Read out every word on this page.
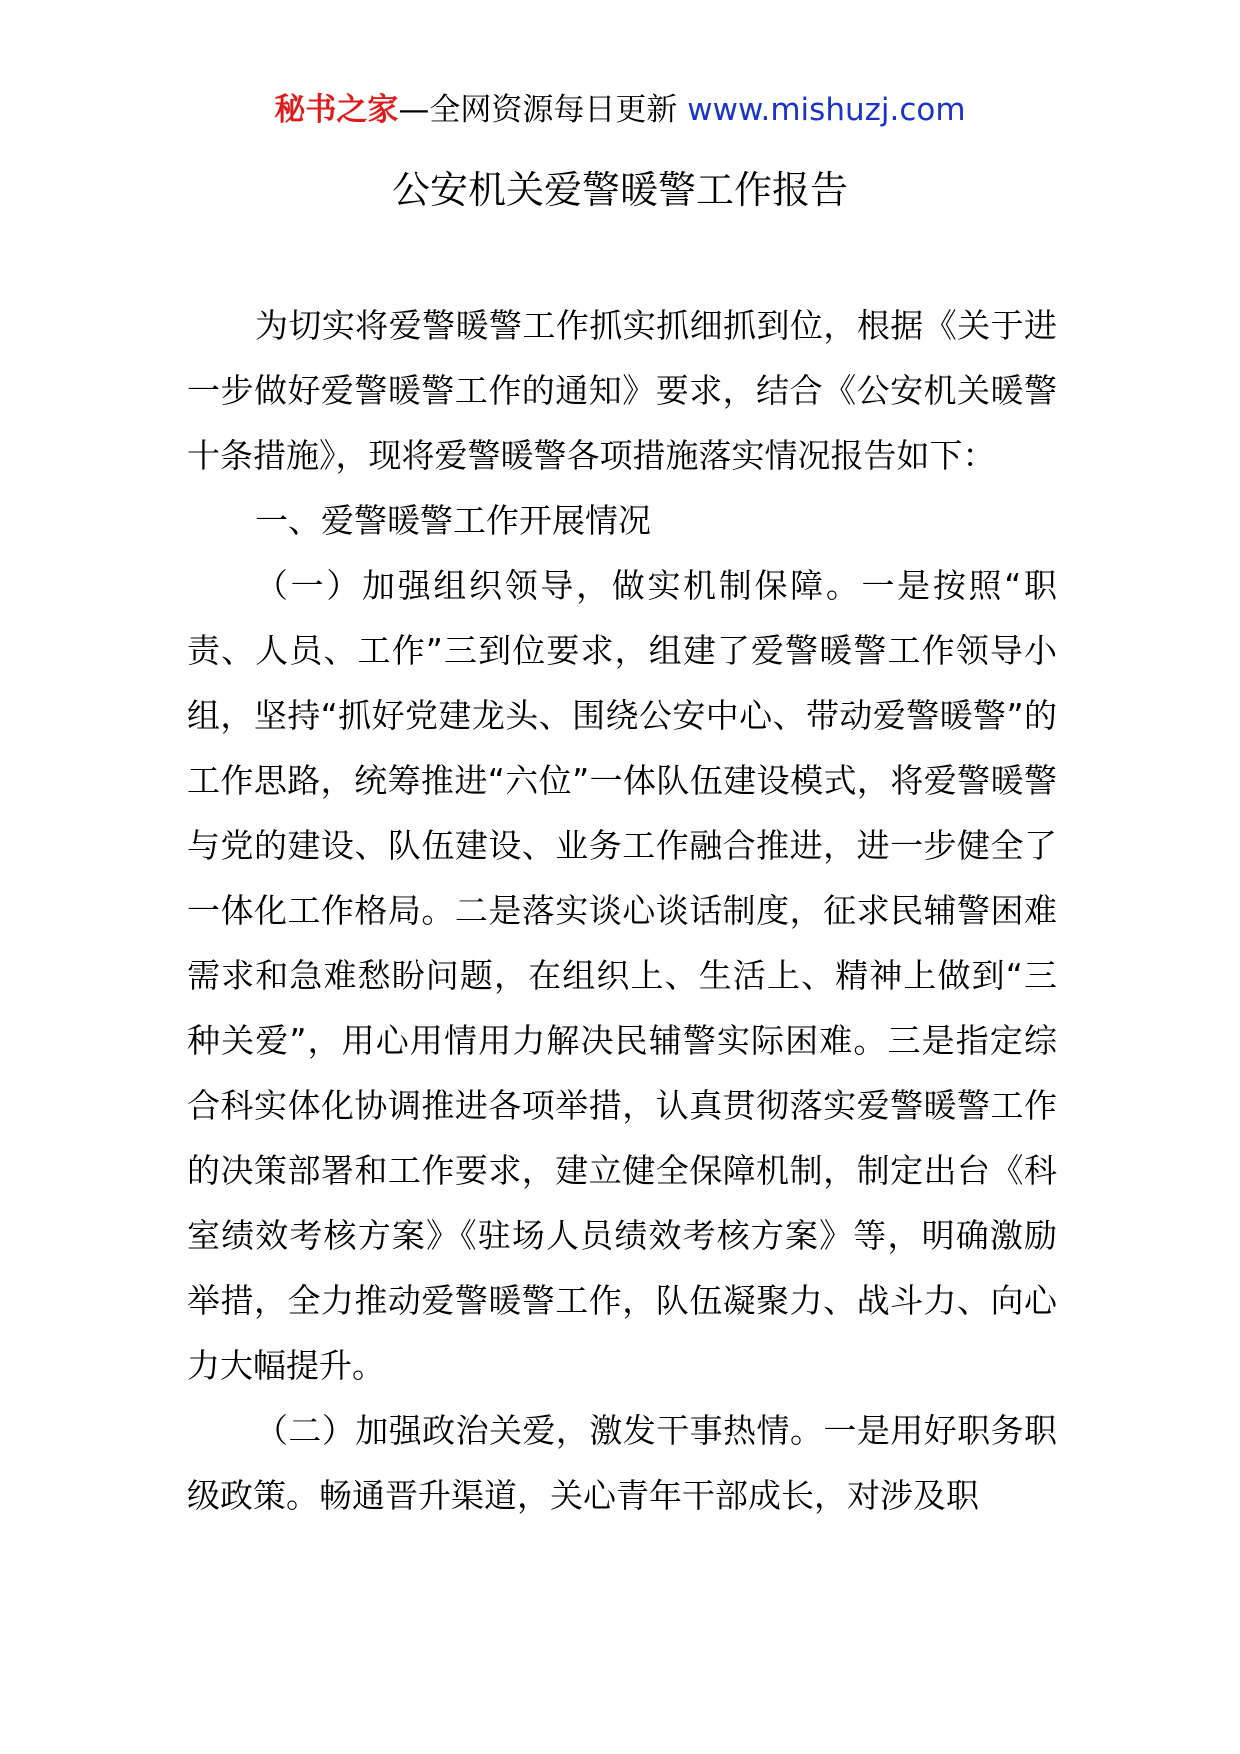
秘书之家—全网资源每日更新 www.mishuzj.com
公安机关爱警暖警工作报告

为切实将爱警暖警工作抓实抓细抓到位，根据《关于进一步做好爱警暖警工作的通知》要求，结合《公安机关暖警十条措施》，现将爱警暖警各项措施落实情况报告如下：

一、爱警暖警工作开展情况

（一）加强组织领导，做实机制保障。一是按照“职责、人员、工作”三到位要求，组建了爱警暖警工作领导小组，坚持“抓好党建龙头、围绕公安中心、带动爱警暖警”的工作思路，统筹推进“六位”一体队伍建设模式，将爱警暖警与党的建设、队伍建设、业务工作融合推进，进一步健全了一体化工作格局。二是落实谈心谈话制度，征求民辅警困难需求和急难愁盼问题，在组织上、生活上、精神上做到“三种关爱”，用心用情用力解决民辅警实际困难。三是指定综合科实体化协调推进各项举措，认真贯彻落实爱警暖警工作的决策部署和工作要求，建立健全保障机制，制定出台《科室绩效考核方案》《驻场人员绩效考核方案》等，明确激励举措，全力推动爱警暖警工作，队伍凝聚力、战斗力、向心力大幅提升。

（二）加强政治关爱，激发干事热情。一是用好职务职级政策。畅通晋升渠道，关心青年干部成长，对涉及职
